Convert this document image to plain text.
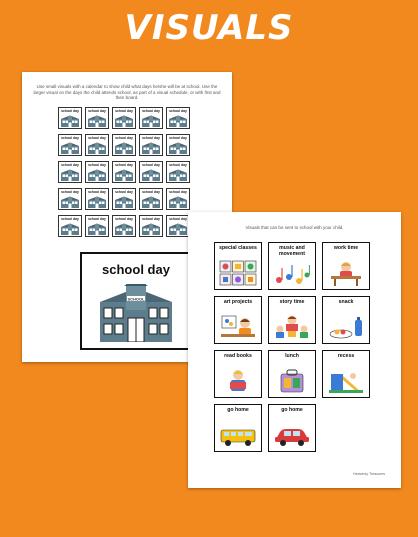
VISUALS
Use small visuals with a calendar to show child what days he/she will be at school. Use the larger visual on the days the child attends school, as part of a visual schedule, or with first and then board.
school day	school day	school day	school day	school day
school day	school day	school day	school day	school day
school day	school day	school day	school day	school day
school day	school day	school day	school day	school day
school day	school day	school day	school day	school day
school day
SCHOOL
Visuals that can be sent to school with your child.
special classes	music and movement
work time
art projects	story time	snack
read books	lunch	recess
go home	go home
Heavenly Treasures
